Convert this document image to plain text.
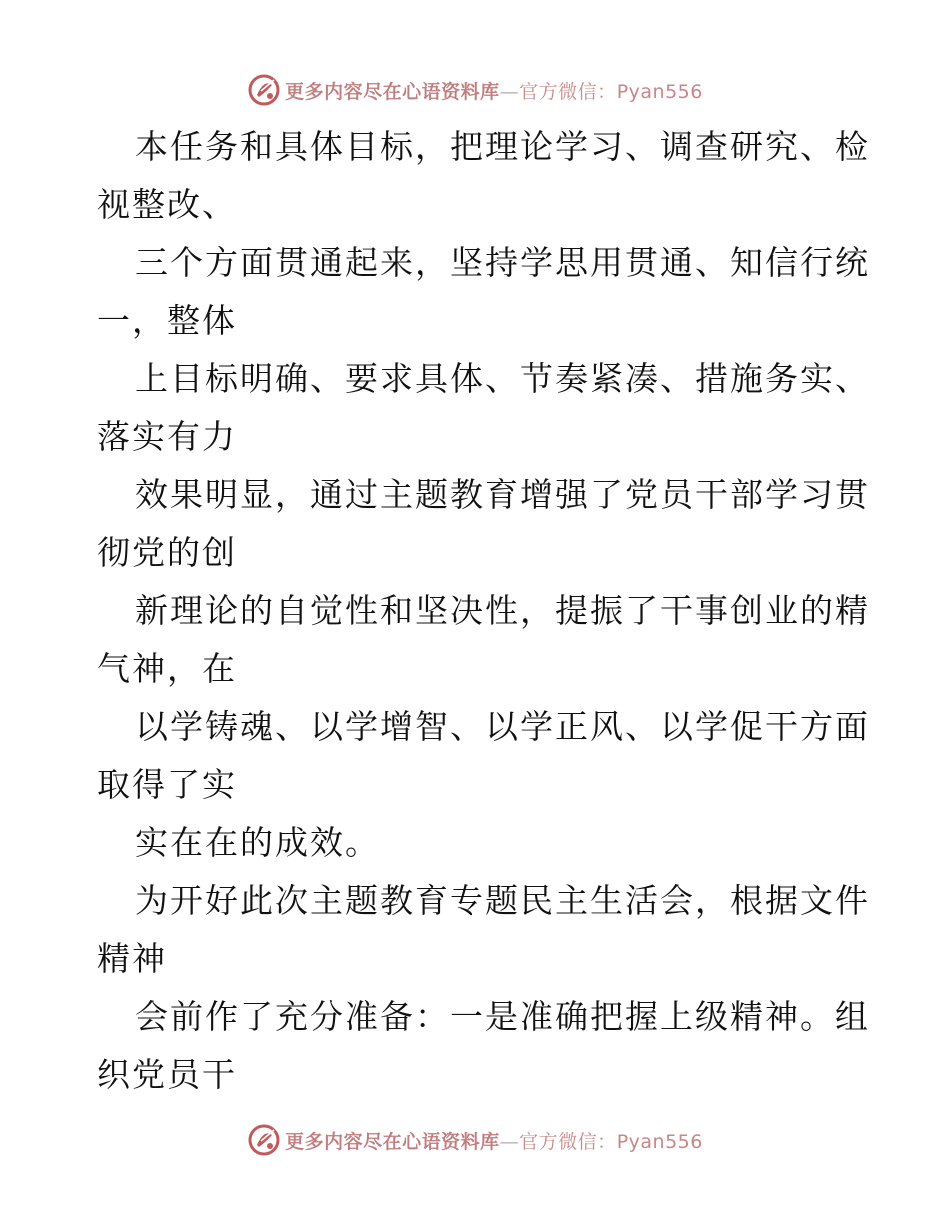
更多内容尽在心语资料库—官方微信：Pyan556

本任务和具体目标，把理论学习、调查研究、检
视整改、

三个方面贯通起来，坚持学思用贯通、知信行统
一，整体

上目标明确、要求具体、节奏紧凑、措施务实、
落实有力

效果明显，通过主题教育增强了党员干部学习贯
彻党的创

新理论的自觉性和坚决性，提振了干事创业的精
气神，在

以学铸魂、以学增智、以学正风、以学促干方面
取得了实

实在在的成效。

为开好此次主题教育专题民主生活会，根据文件
精神

会前作了充分准备：一是准确把握上级精神。组
织党员干

更多内容尽在心语资料库—官方微信：Pyan556
